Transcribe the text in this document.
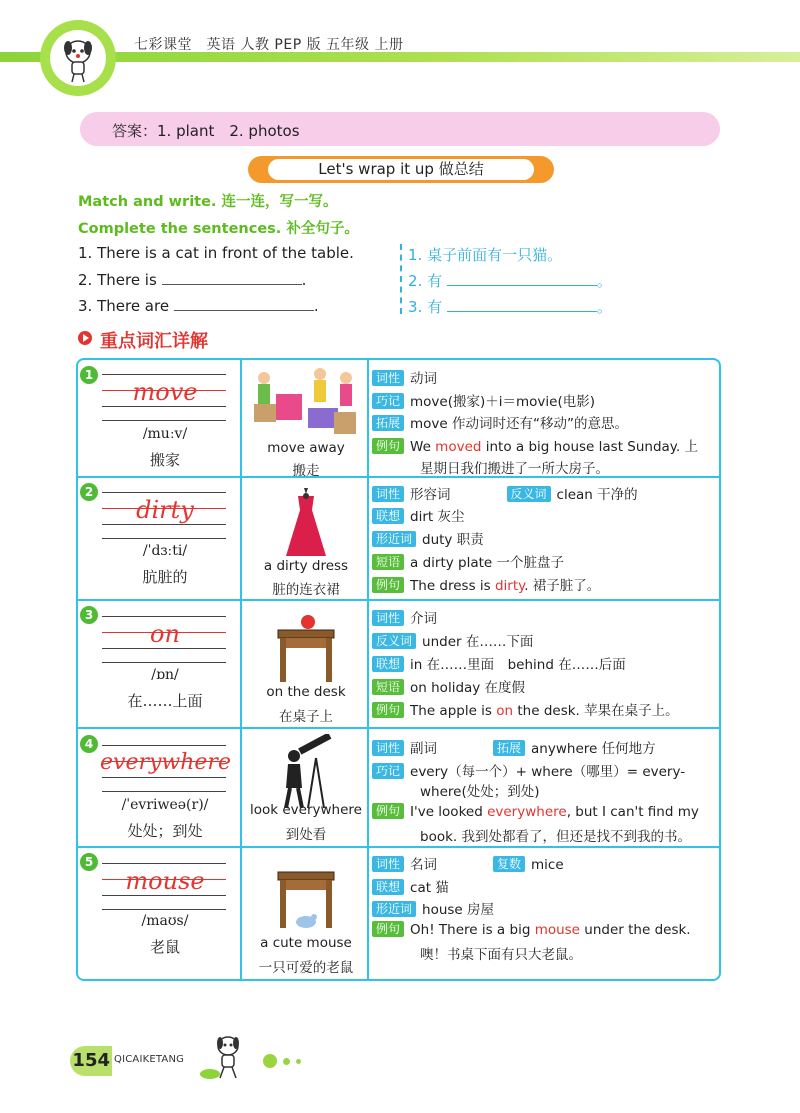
七彩课堂　英语 人教 PEP 版 五年级 上册
答案：1. plant　2. photos
Let's wrap it up 做总结
Match and write. 连一连，写一写。
Complete the sentences. 补全句子。
1. There is a cat in front of the table.
2. There is	.
3. There are	.
1. 桌子前面有一只猫。
2. 有	。
3. 有	。
重点词汇详解
1
move
/muːv/
搬家
move away
搬走
词性 动词
巧记 move(搬家)＋i＝movie(电影)
拓展 move 作动词时还有“移动”的意思。
例句 We moved into a big house last Sunday. 上
星期日我们搬进了一所大房子。
2
dirty
/ˈdɜːti/
肮脏的
a dirty dress
脏的连衣裙
词性 形容词	反义词 clean 干净的
联想 dirt 灰尘
形近词 duty 职责
短语 a dirty plate 一个脏盘子
例句 The dress is dirty. 裙子脏了。
3
on
/ɒn/
在……上面	on the desk
在桌子上
词性 介词
反义词 under 在……下面
联想 in 在……里面　behind 在……后面
短语 on holiday 在度假
例句 The apple is on the desk. 苹果在桌子上。
4
everywhere
/ˈevriweə(r)/
处处；到处
look everywhere
到处看
词性 副词	拓展 anywhere 任何地方
巧记 every（每一个）+ where（哪里）= every-
where(处处；到处)
例句 I've looked everywhere, but I can't find my
book. 我到处都看了，但还是找不到我的书。
5
mouse
/maʊs/
老鼠	a cute mouse
一只可爱的老鼠
词性 名词	复数 mice
联想 cat 猫
形近词 house 房屋
例句 Oh! There is a big mouse under the desk.
噢！书桌下面有只大老鼠。
154 QICAIKETANG
